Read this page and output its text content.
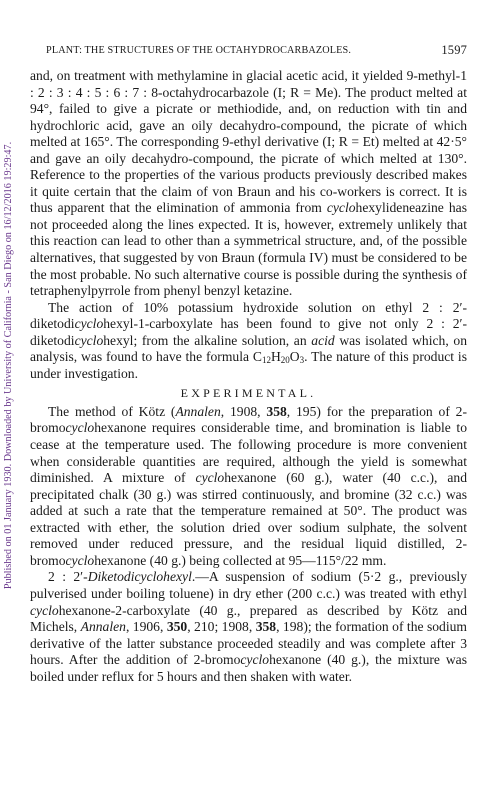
Published on 01 January 1930. Downloaded by University of California - San Diego on 16/12/2016 19:29:47.
PLANT: THE STRUCTURES OF THE OCTAHYDROCARBAZOLES.	1597

and, on treatment with methylamine in glacial acetic acid, it yielded 9-methyl-1 : 2 : 3 : 4 : 5 : 6 : 7 : 8-octahydrocarbazole (I; R = Me). The product melted at 94°, failed to give a picrate or methiodide, and, on reduction with tin and hydrochloric acid, gave an oily decahydro-compound, the picrate of which melted at 165°. The corresponding 9-ethyl derivative (I; R = Et) melted at 42·5° and gave an oily decahydro-compound, the picrate of which melted at 130°. Reference to the properties of the various products previously described makes it quite certain that the claim of von Braun and his co-workers is correct. It is thus apparent that the elimination of ammonia from cyclohexylideneazine has not proceeded along the lines expected. It is, however, extremely unlikely that this reaction can lead to other than a symmetrical structure, and, of the possible alternatives, that suggested by von Braun (formula IV) must be considered to be the most probable. No such alternative course is possible during the synthesis of tetraphenylpyrrole from phenyl benzyl ketazine.

The action of 10% potassium hydroxide solution on ethyl 2 : 2′-diketodicyclohexyl-1-carboxylate has been found to give not only 2 : 2′-diketodicyclohexyl; from the alkaline solution, an acid was isolated which, on analysis, was found to have the formula $C_{12}H_{20}O_3$. The nature of this product is under investigation.

EXPERIMENTAL.

The method of Kötz (Annalen, 1908, 358, 195) for the preparation of 2-bromocyclohexanone requires considerable time, and bromination is liable to cease at the temperature used. The following procedure is more convenient when considerable quantities are required, although the yield is somewhat diminished. A mixture of cyclohexanone (60 g.), water (40 c.c.), and precipitated chalk (30 g.) was stirred continuously, and bromine (32 c.c.) was added at such a rate that the temperature remained at 50°. The product was extracted with ether, the solution dried over sodium sulphate, the solvent removed under reduced pressure, and the residual liquid distilled, 2-bromocyclohexanone (40 g.) being collected at 95—115°/22 mm.

2 : 2′-Diketodicyclohexyl.—A suspension of sodium (5·2 g., previously pulverised under boiling toluene) in dry ether (200 c.c.) was treated with ethyl cyclohexanone-2-carboxylate (40 g., prepared as described by Kötz and Michels, Annalen, 1906, 350, 210; 1908, 358, 198); the formation of the sodium derivative of the latter substance proceeded steadily and was complete after 3 hours. After the addition of 2-bromocyclohexanone (40 g.), the mixture was boiled under reflux for 5 hours and then shaken with water.
